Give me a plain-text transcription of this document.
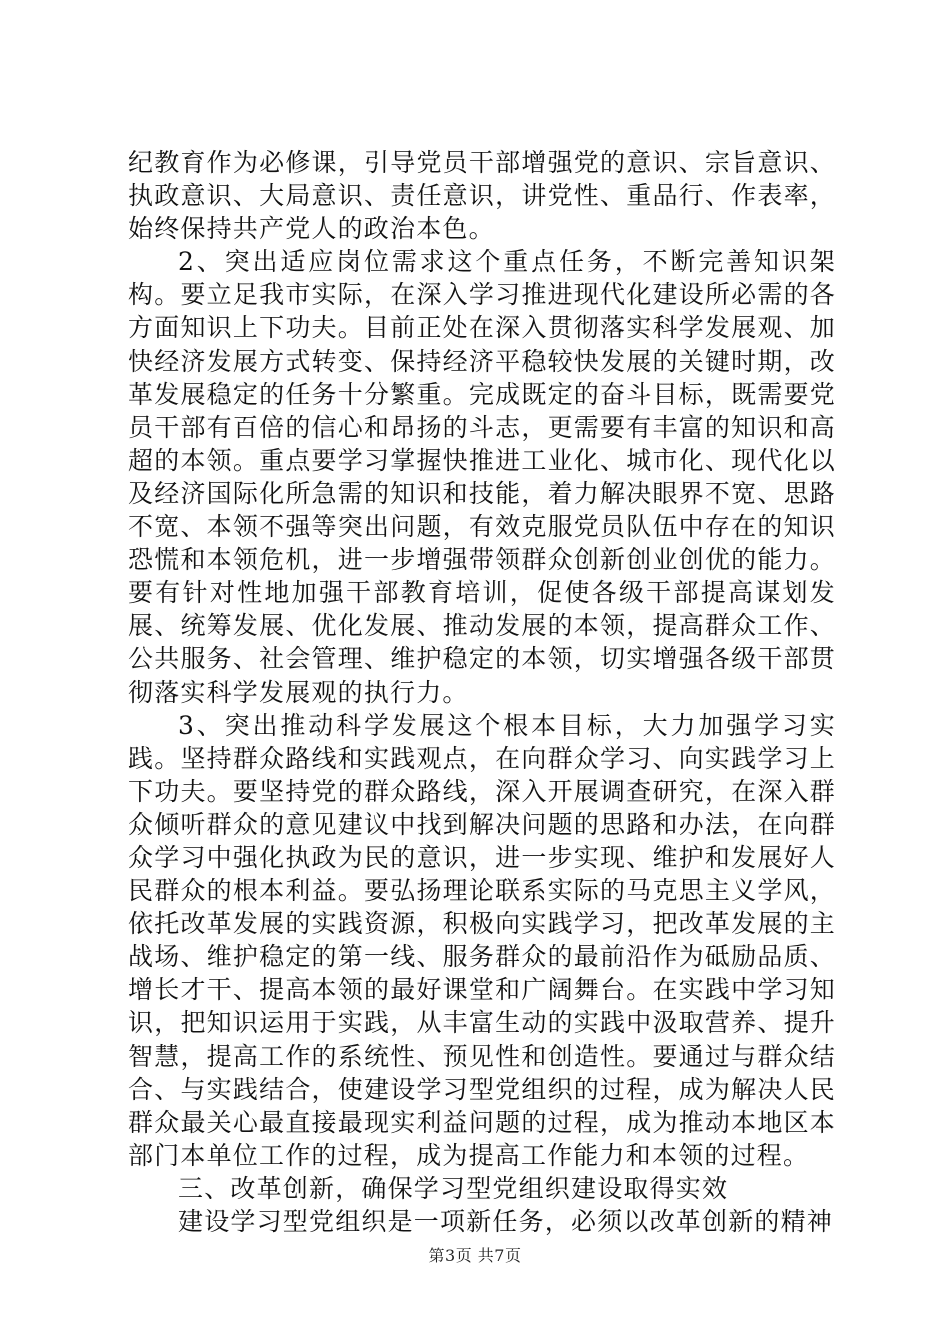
纪教育作为必修课，引导党员干部增强党的意识、宗旨意识、执政意识、大局意识、责任意识，讲党性、重品行、作表率，始终保持共产党人的政治本色。

2、突出适应岗位需求这个重点任务，不断完善知识架构。要立足我市实际，在深入学习推进现代化建设所必需的各方面知识上下功夫。目前正处在深入贯彻落实科学发展观、加快经济发展方式转变、保持经济平稳较快发展的关键时期，改革发展稳定的任务十分繁重。完成既定的奋斗目标，既需要党员干部有百倍的信心和昂扬的斗志，更需要有丰富的知识和高超的本领。重点要学习掌握快推进工业化、城市化、现代化以及经济国际化所急需的知识和技能，着力解决眼界不宽、思路不宽、本领不强等突出问题，有效克服党员队伍中存在的知识恐慌和本领危机，进一步增强带领群众创新创业创优的能力。要有针对性地加强干部教育培训，促使各级干部提高谋划发展、统筹发展、优化发展、推动发展的本领，提高群众工作、公共服务、社会管理、维护稳定的本领，切实增强各级干部贯彻落实科学发展观的执行力。

3、突出推动科学发展这个根本目标，大力加强学习实践。坚持群众路线和实践观点，在向群众学习、向实践学习上下功夫。要坚持党的群众路线，深入开展调查研究，在深入群众倾听群众的意见建议中找到解决问题的思路和办法，在向群众学习中强化执政为民的意识，进一步实现、维护和发展好人民群众的根本利益。要弘扬理论联系实际的马克思主义学风，依托改革发展的实践资源，积极向实践学习，把改革发展的主战场、维护稳定的第一线、服务群众的最前沿作为砥励品质、增长才干、提高本领的最好课堂和广阔舞台。在实践中学习知识，把知识运用于实践，从丰富生动的实践中汲取营养、提升智慧，提高工作的系统性、预见性和创造性。要通过与群众结合、与实践结合，使建设学习型党组织的过程，成为解决人民群众最关心最直接最现实利益问题的过程，成为推动本地区本部门本单位工作的过程，成为提高工作能力和本领的过程。

三、改革创新，确保学习型党组织建设取得实效

建设学习型党组织是一项新任务，必须以改革创新的精神

第3页 共7页
